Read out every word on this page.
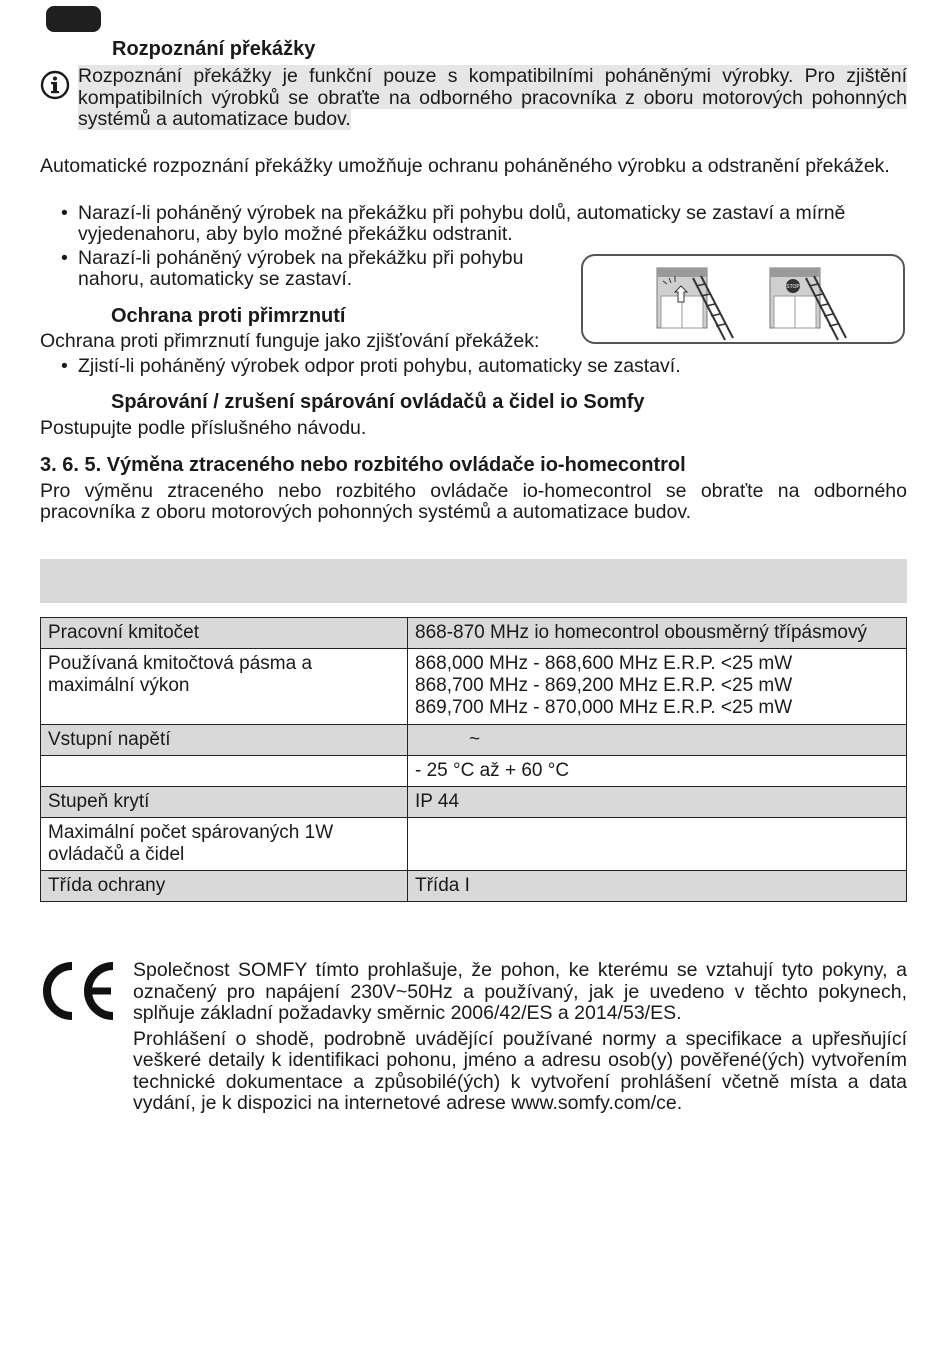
Rozpoznání překážky
Rozpoznání překážky je funkční pouze s kompatibilními poháněnými výrobky. Pro zjištění kompatibilních výrobků se obraťte na odborného pracovníka z oboru motorových pohonných systémů a automatizace budov.
Automatické rozpoznání překážky umožňuje ochranu poháněného výrobku a odstranění překážek.
• Narazí-li poháněný výrobek na překážku při pohybu dolů, automaticky se zastaví a mírně vyjedenahoru, aby bylo možné překážku odstranit.
• Narazí-li poháněný výrobek na překážku při pohybu
nahoru, automaticky se zastaví.	STOP
Ochrana proti přimrznutí
Ochrana proti přimrznutí funguje jako zjišťování překážek:
• Zjistí-li poháněný výrobek odpor proti pohybu, automaticky se zastaví.
Spárování / zrušení spárování ovládačů a čidel io Somfy
Postupujte podle příslušného návodu.
3. 6. 5. Výměna ztraceného nebo rozbitého ovládače io-homecontrol
Pro výměnu ztraceného nebo rozbitého ovládače io-homecontrol se obraťte na odborného pracovníka z oboru motorových pohonných systémů a automatizace budov.
Pracovní kmitočet	868-870 MHz io homecontrol obousměrný třípásmový
Používaná kmitočtová pásma a maximální výkon	868,000 MHz - 868,600 MHz E.R.P. <25 mW
868,700 MHz - 869,200 MHz E.R.P. <25 mW
869,700 MHz - 870,000 MHz E.R.P. <25 mW

Vstupní napětí	~
	- 25 °C až + 60 °C
Stupeň krytí	IP 44
Maximální počet spárovaných 1W ovládačů a čidel	
Třída ochrany	Třída I
Společnost SOMFY tímto prohlašuje, že pohon, ke kterému se vztahují tyto pokyny, a označený pro napájení 230V~50Hz a používaný, jak je uvedeno v těchto pokynech, splňuje základní požadavky směrnic 2006/42/ES a 2014/53/ES.
Prohlášení o shodě, podrobně uvádějící používané normy a specifikace a upřesňující veškeré detaily k identifikaci pohonu, jméno a adresu osob(y) pověřené(ých) vytvořením technické dokumentace a způsobilé(ých) k vytvoření prohlášení včetně místa a data vydání, je k dispozici na internetové adrese www.somfy.com/ce.
